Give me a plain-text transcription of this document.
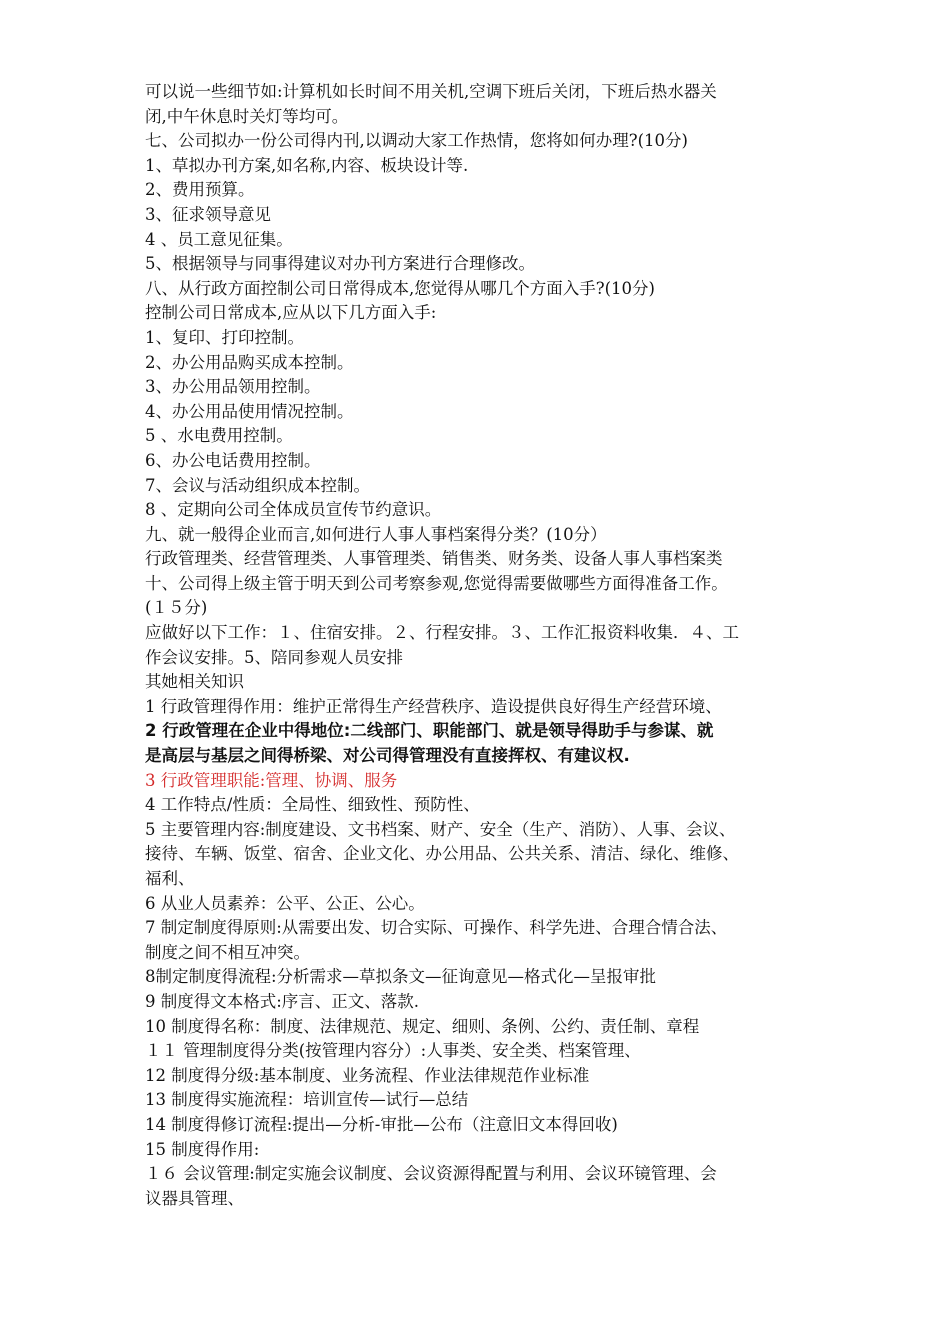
可以说一些细节如:计算机如长时间不用关机,空调下班后关闭，下班后热水器关
闭,中午休息时关灯等均可。
七、公司拟办一份公司得内刊,以调动大家工作热情，您将如何办理?(10分)
1、草拟办刊方案,如名称,内容、板块设计等.
2、费用预算。
3、征求领导意见
4 、员工意见征集。
5、根据领导与同事得建议对办刊方案进行合理修改。
八、从行政方面控制公司日常得成本,您觉得从哪几个方面入手?(10分)
控制公司日常成本,应从以下几方面入手:
1、复印、打印控制。
2、办公用品购买成本控制。
3、办公用品领用控制。
4、办公用品使用情况控制。
5 、水电费用控制。
6、办公电话费用控制。
7、会议与活动组织成本控制。
8 、定期向公司全体成员宣传节约意识。
九、就一般得企业而言,如何进行人事人事档案得分类？(10分）
行政管理类、经营管理类、人事管理类、销售类、财务类、设备人事人事档案类
十、公司得上级主管于明天到公司考察参观,您觉得需要做哪些方面得准备工作。
(１５分)
应做好以下工作：１、住宿安排。２、行程安排。３、工作汇报资料收集．４、工
作会议安排。5、陪同参观人员安排
其她相关知识
1 行政管理得作用：维护正常得生产经营秩序、造设提供良好得生产经营环境、
2 行政管理在企业中得地位:二线部门、职能部门、就是领导得助手与参谋、就
是高层与基层之间得桥梁、对公司得管理没有直接挥权、有建议权.
3 行政管理职能:管理、协调、服务
4 工作特点/性质：全局性、细致性、预防性、
5 主要管理内容:制度建设、文书档案、财产、安全（生产、消防）、人事、会议、
接待、车辆、饭堂、宿舍、企业文化、办公用品、公共关系、清洁、绿化、维修、
福利、
6 从业人员素养：公平、公正、公心。
7 制定制度得原则:从需要出发、切合实际、可操作、科学先进、合理合情合法、
制度之间不相互冲突。
8制定制度得流程:分析需求—草拟条文—征询意见—格式化—呈报审批
9 制度得文本格式:序言、正文、落款.
10 制度得名称：制度、法律规范、规定、细则、条例、公约、责任制、章程
１１ 管理制度得分类(按管理内容分）:人事类、安全类、档案管理、
12 制度得分级:基本制度、业务流程、作业法律规范作业标准
13 制度得实施流程：培训宣传—试行—总结
14 制度得修订流程:提出—分析-审批—公布（注意旧文本得回收)
15 制度得作用:
１６ 会议管理:制定实施会议制度、会议资源得配置与利用、会议环镜管理、会
议器具管理、
